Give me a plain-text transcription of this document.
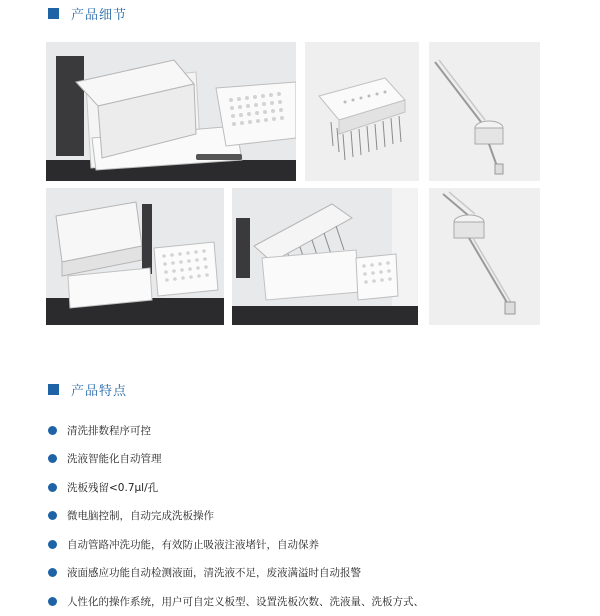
产品细节
产品特点
清洗排数程序可控
洗液智能化自动管理
洗板残留<0.7μl/孔
微电脑控制，自动完成洗板操作
自动管路冲洗功能，有效防止吸液注液堵针，自动保养
液面感应功能自动检测液面，清洗液不足，废液满溢时自动报警
人性化的操作系统，用户可自定义板型、设置洗板次数、洗液量、洗板方式、
